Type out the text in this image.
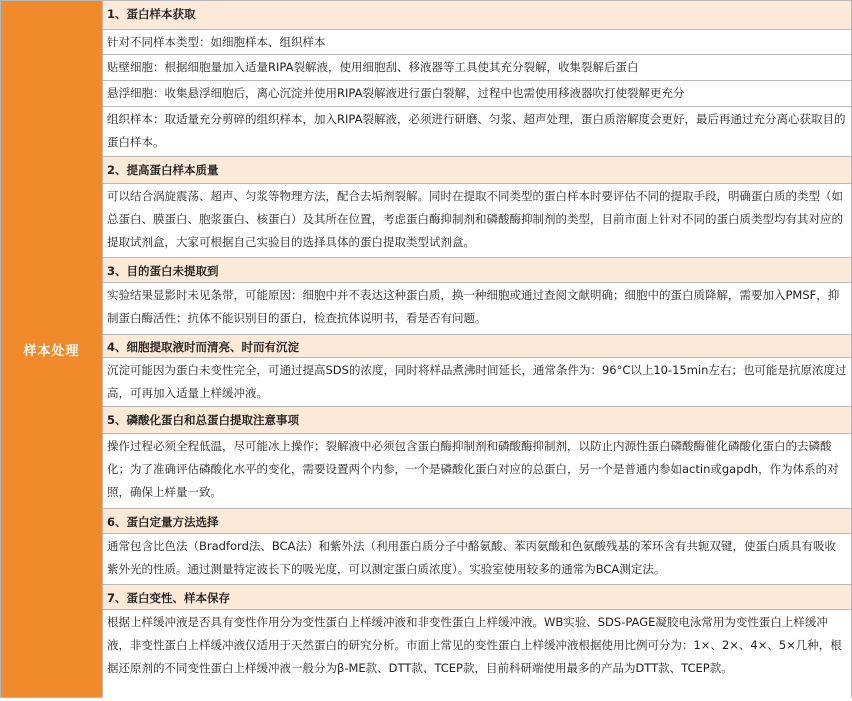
样本处理
1、蛋白样本获取
针对不同样本类型：如细胞样本、组织样本
贴壁细胞：根据细胞量加入适量RIPA裂解液，使用细胞刮、移液器等工具使其充分裂解，收集裂解后蛋白
悬浮细胞：收集悬浮细胞后，离心沉淀并使用RIPA裂解液进行蛋白裂解，过程中也需使用移液器吹打使裂解更充分
组织样本：取适量充分剪碎的组织样本，加入RIPA裂解液，必须进行研磨、匀浆、超声处理，蛋白质溶解度会更好，最后再通过充分离心获取目的蛋白样本。
2、提高蛋白样本质量
可以结合涡旋震荡、超声、匀浆等物理方法，配合去垢剂裂解。同时在提取不同类型的蛋白样本时要评估不同的提取手段，明确蛋白质的类型（如总蛋白、膜蛋白、胞浆蛋白、核蛋白）及其所在位置，考虑蛋白酶抑制剂和磷酸酶抑制剂的类型，目前市面上针对不同的蛋白质类型均有其对应的提取试剂盒，大家可根据自己实验目的选择具体的蛋白提取类型试剂盒。
3、目的蛋白未提取到
实验结果显影时未见条带，可能原因：细胞中并不表达这种蛋白质，换一种细胞或通过查阅文献明确；细胞中的蛋白质降解，需要加入PMSF，抑制蛋白酶活性；抗体不能识别目的蛋白，检查抗体说明书，看是否有问题。
4、细胞提取液时而清亮、时而有沉淀
沉淀可能因为蛋白未变性完全，可通过提高SDS的浓度，同时将样品煮沸时间延长，通常条件为：96°C以上10-15min左右；也可能是抗原浓度过高，可再加入适量上样缓冲液。
5、磷酸化蛋白和总蛋白提取注意事项
操作过程必须全程低温，尽可能冰上操作；裂解液中必须包含蛋白酶抑制剂和磷酸酶抑制剂，以防止内源性蛋白磷酸酶催化磷酸化蛋白的去磷酸化；为了准确评估磷酸化水平的变化，需要设置两个内参，一个是磷酸化蛋白对应的总蛋白，另一个是普通内参如actin或gapdh，作为体系的对照，确保上样量一致。
6、蛋白定量方法选择
通常包含比色法（Bradford法、BCA法）和紫外法（利用蛋白质分子中酪氨酸、苯丙氨酸和色氨酸残基的苯环含有共轭双键，使蛋白质具有吸收紫外光的性质。通过测量特定波长下的吸光度，可以测定蛋白质浓度）。实验室使用较多的通常为BCA测定法。
7、蛋白变性、样本保存
根据上样缓冲液是否具有变性作用分为变性蛋白上样缓冲液和非变性蛋白上样缓冲液。WB实验、SDS-PAGE凝胶电泳常用为变性蛋白上样缓冲液，非变性蛋白上样缓冲液仅适用于天然蛋白的研究分析。市面上常见的变性蛋白上样缓冲液根据使用比例可分为：1×、2×、4×、5×几种，根据还原剂的不同变性蛋白上样缓冲液一般分为β-ME款、DTT款、TCEP款，目前科研端使用最多的产品为DTT款、TCEP款。
